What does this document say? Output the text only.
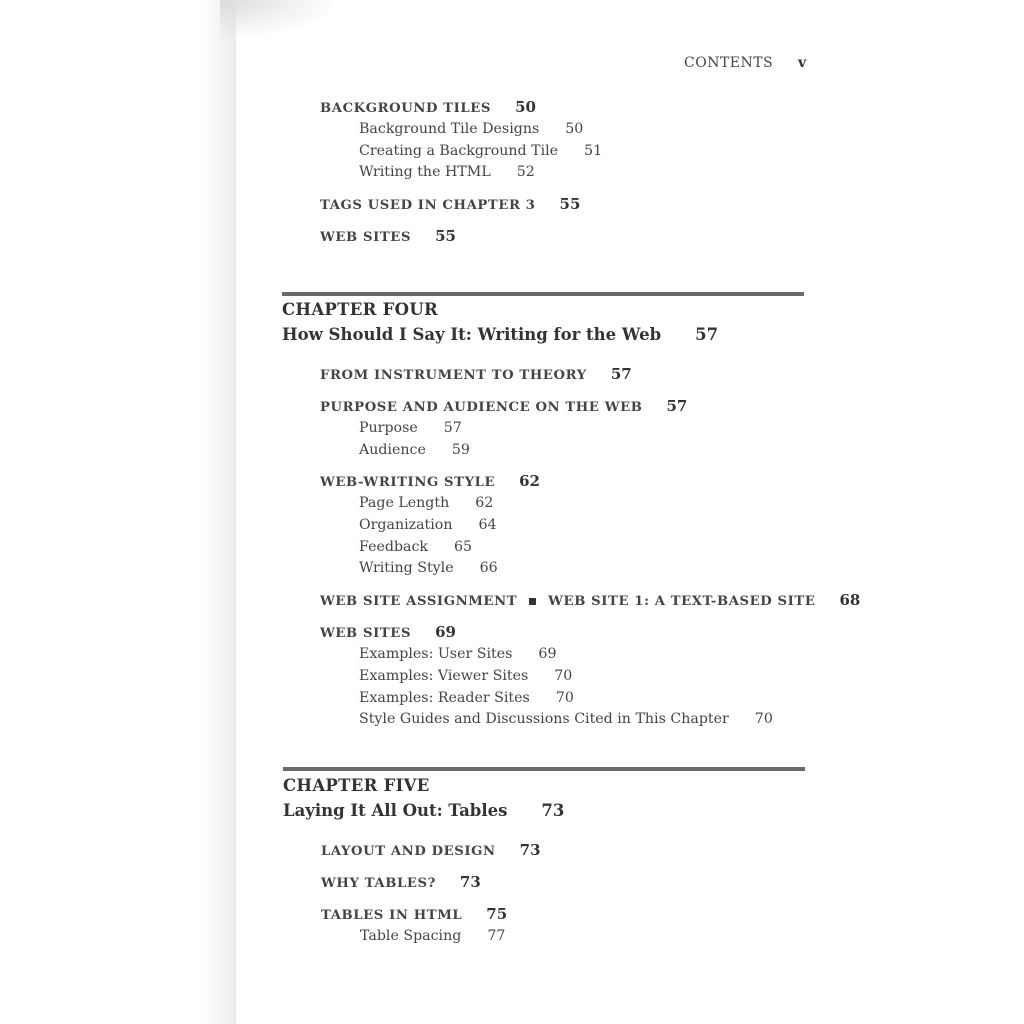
CONTENTS v
BACKGROUND TILES 50
Background Tile Designs 50
Creating a Background Tile 51
Writing the HTML 52
TAGS USED IN CHAPTER 3 55
WEB SITES 55
CHAPTER FOUR
How Should I Say It: Writing for the Web 57
FROM INSTRUMENT TO THEORY 57
PURPOSE AND AUDIENCE ON THE WEB 57
Purpose 57
Audience 59
WEB-WRITING STYLE 62
Page Length 62
Organization 64
Feedback 65
Writing Style 66
WEB SITE ASSIGNMENT WEB SITE 1: A TEXT-BASED SITE 68
WEB SITES 69
Examples: User Sites 69
Examples: Viewer Sites 70
Examples: Reader Sites 70
Style Guides and Discussions Cited in This Chapter 70
CHAPTER FIVE
Laying It All Out: Tables 73
LAYOUT AND DESIGN 73
WHY TABLES? 73
TABLES IN HTML 75
Table Spacing 77
